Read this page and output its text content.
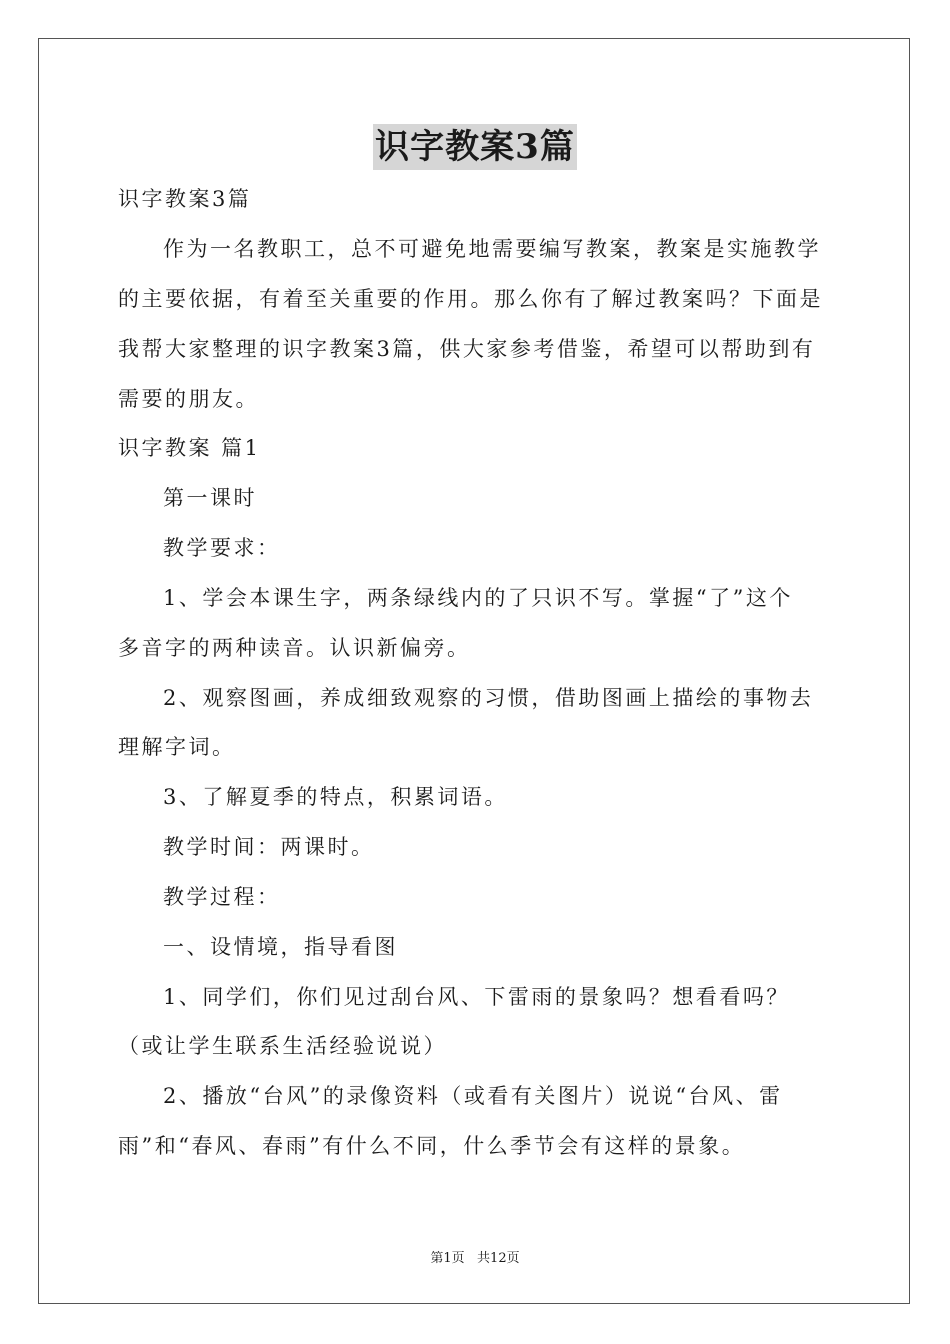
识字教案3篇
识字教案3篇
作为一名教职工，总不可避免地需要编写教案，教案是实施教学
的主要依据，有着至关重要的作用。那么你有了解过教案吗？下面是
我帮大家整理的识字教案3篇，供大家参考借鉴，希望可以帮助到有
需要的朋友。
识字教案 篇1
第一课时
教学要求：
1、学会本课生字，两条绿线内的了只识不写。掌握“了”这个
多音字的两种读音。认识新偏旁。
2、观察图画，养成细致观察的习惯，借助图画上描绘的事物去
理解字词。
3、了解夏季的特点，积累词语。
教学时间：两课时。
教学过程：
一、设情境，指导看图
1、同学们，你们见过刮台风、下雷雨的景象吗？想看看吗？
（或让学生联系生活经验说说）
2、播放“台风”的录像资料（或看有关图片）说说“台风、雷
雨”和“春风、春雨”有什么不同，什么季节会有这样的景象。
第1页   共12页
